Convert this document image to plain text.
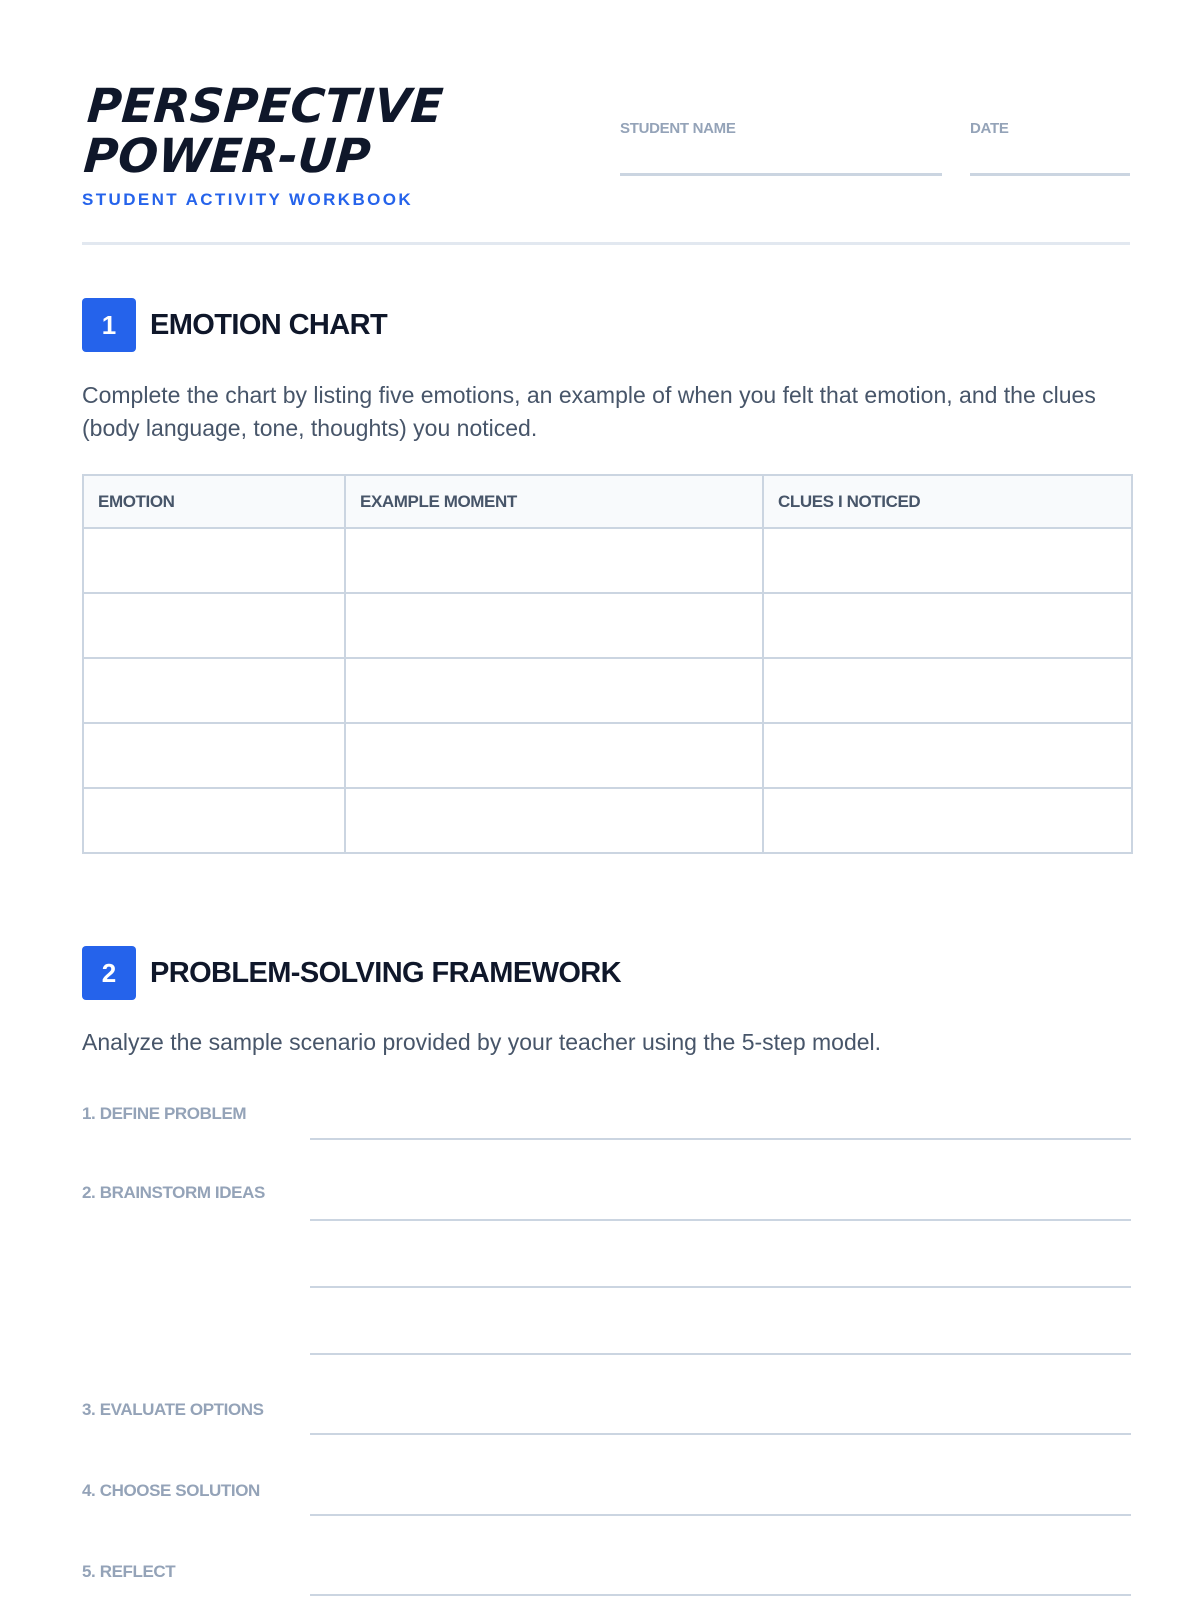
PERSPECTIVE
POWER-UP
STUDENT ACTIVITY WORKBOOK
STUDENT NAME	DATE
1	EMOTION CHART
Complete the chart by listing five emotions, an example of when you felt that emotion, and the clues (body language, tone, thoughts) you noticed.
EMOTION	EXAMPLE MOMENT	CLUES I NOTICED

2	PROBLEM-SOLVING FRAMEWORK
Analyze the sample scenario provided by your teacher using the 5-step model.
1. DEFINE PROBLEM
2. BRAINSTORM IDEAS
3. EVALUATE OPTIONS
4. CHOOSE SOLUTION
5. REFLECT
